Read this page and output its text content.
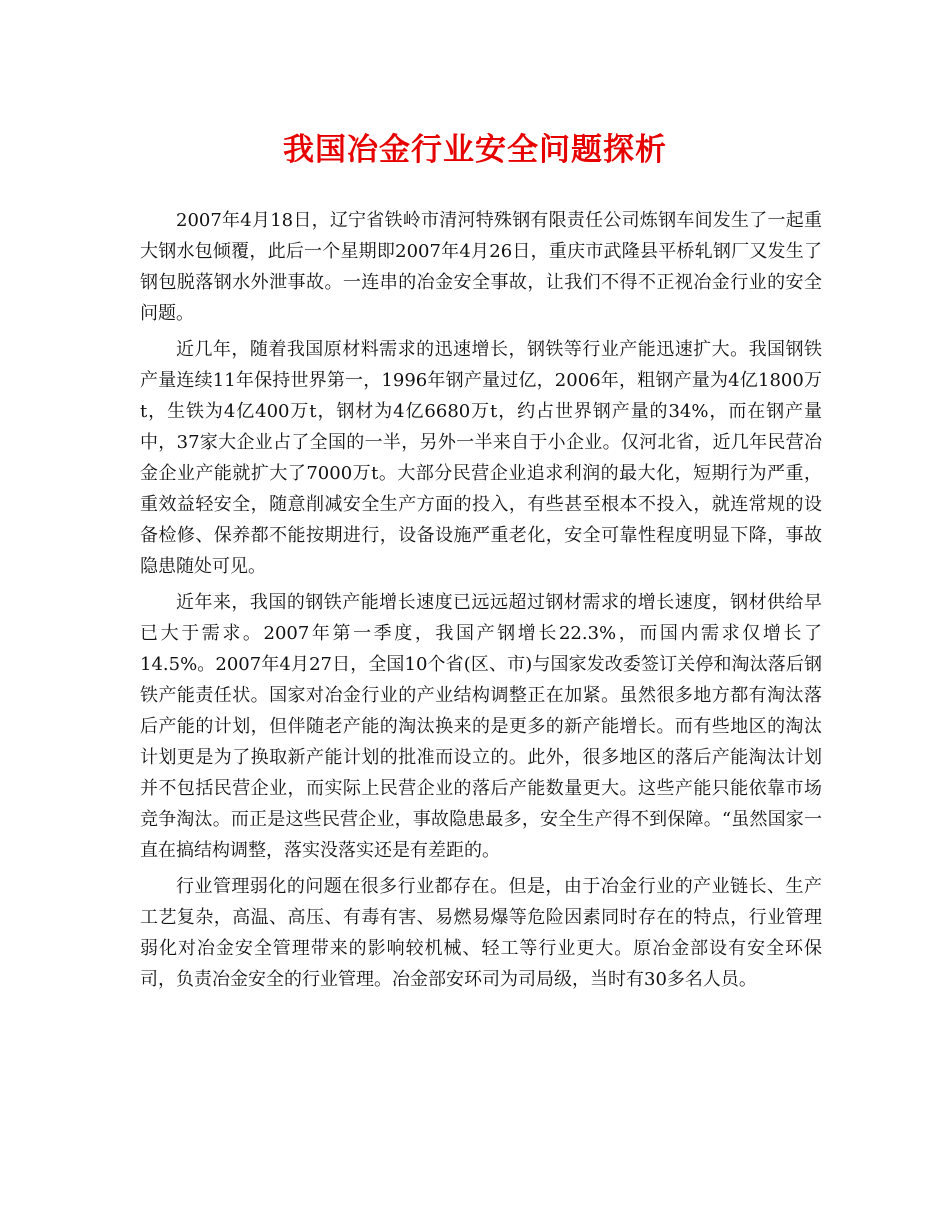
我国冶金行业安全问题探析

2007年4月18日，辽宁省铁岭市清河特殊钢有限责任公司炼钢车间发生了一起重大钢水包倾覆，此后一个星期即2007年4月26日，重庆市武隆县平桥轧钢厂又发生了钢包脱落钢水外泄事故。一连串的冶金安全事故，让我们不得不正视冶金行业的安全问题。

近几年，随着我国原材料需求的迅速增长，钢铁等行业产能迅速扩大。我国钢铁产量连续11年保持世界第一，1996年钢产量过亿，2006年，粗钢产量为4亿1800万t，生铁为4亿400万t，钢材为4亿6680万t，约占世界钢产量的34%，而在钢产量中，37家大企业占了全国的一半，另外一半来自于小企业。仅河北省，近几年民营冶金企业产能就扩大了7000万t。大部分民营企业追求利润的最大化，短期行为严重，重效益轻安全，随意削减安全生产方面的投入，有些甚至根本不投入，就连常规的设备检修、保养都不能按期进行，设备设施严重老化，安全可靠性程度明显下降，事故隐患随处可见。

近年来，我国的钢铁产能增长速度已远远超过钢材需求的增长速度，钢材供给早已大于需求。2007年第一季度，我国产钢增长22.3%，而国内需求仅增长了14.5%。2007年4月27日，全国10个省(区、市)与国家发改委签订关停和淘汰落后钢铁产能责任状。国家对冶金行业的产业结构调整正在加紧。虽然很多地方都有淘汰落后产能的计划，但伴随老产能的淘汰换来的是更多的新产能增长。而有些地区的淘汰计划更是为了换取新产能计划的批准而设立的。此外，很多地区的落后产能淘汰计划并不包括民营企业，而实际上民营企业的落后产能数量更大。这些产能只能依靠市场竞争淘汰。而正是这些民营企业，事故隐患最多，安全生产得不到保障。“虽然国家一直在搞结构调整，落实没落实还是有差距的。

行业管理弱化的问题在很多行业都存在。但是，由于冶金行业的产业链长、生产工艺复杂，高温、高压、有毒有害、易燃易爆等危险因素同时存在的特点，行业管理弱化对冶金安全管理带来的影响较机械、轻工等行业更大。原冶金部设有安全环保司，负责冶金安全的行业管理。冶金部安环司为司局级，当时有30多名人员。
